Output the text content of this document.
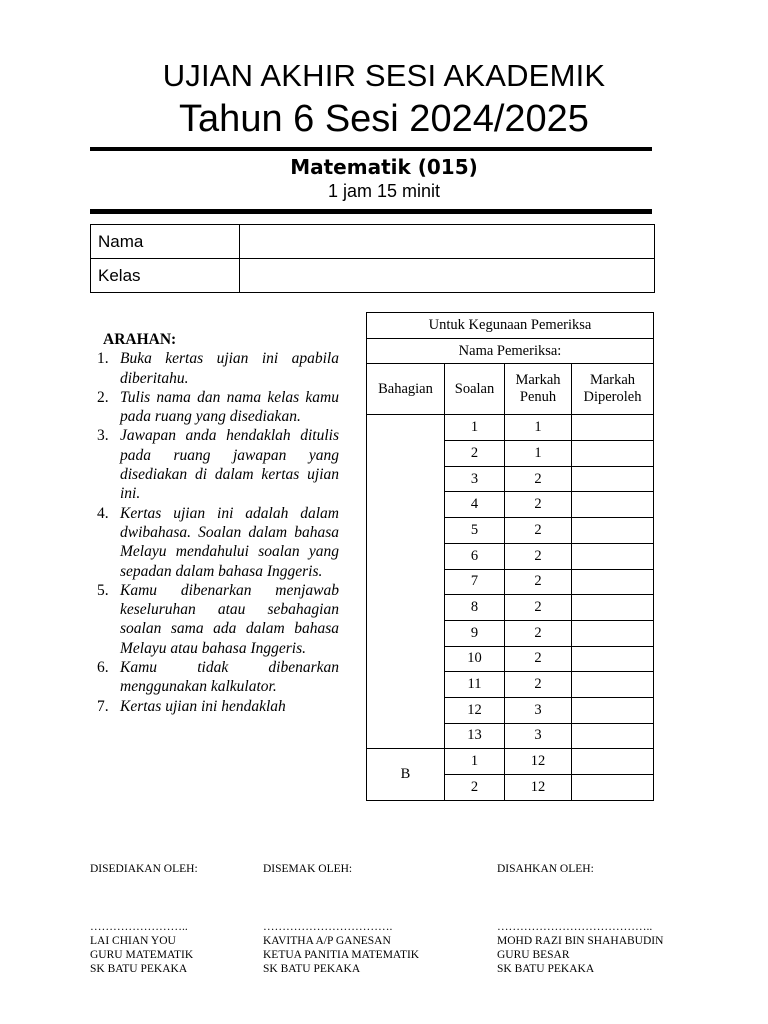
UJIAN AKHIR SESI AKADEMIK
Tahun 6 Sesi 2024/2025
Matematik (015)
1 jam 15 minit
Nama	
Kelas	
ARAHAN:
1. Buka kertas ujian ini apabila diberitahu.
2. Tulis nama dan nama kelas kamu pada ruang yang disediakan.
3. Jawapan anda hendaklah ditulis pada ruang jawapan yang disediakan di dalam kertas ujian ini.
4. Kertas ujian ini adalah dalam dwibahasa. Soalan dalam bahasa Melayu mendahului soalan yang sepadan dalam bahasa Inggeris.
5. Kamu dibenarkan menjawab keseluruhan atau sebahagian soalan sama ada dalam bahasa Melayu atau bahasa Inggeris.
6. Kamu tidak dibenarkan menggunakan kalkulator.
7. Kertas ujian ini hendaklah
Untuk Kegunaan Pemeriksa			
Nama Pemeriksa:			
Bahagian	Soalan	Markah Penuh	Markah Diperoleh
	1	1	
	2	1	
	3	2	
	4	2	
	5	2	
	6	2	
	7	2	
	8	2	
	9	2	
	10	2	
	11	2	
	12	3	
	13	3	
B	1	12	
	2	12	
DISEDIAKAN OLEH:
……………………..
LAI CHIAN YOU
GURU MATEMATIK
SK BATU PEKAKA
DISEMAK OLEH:
…………………………….
KAVITHA A/P GANESAN
KETUA PANITIA MATEMATIK
SK BATU PEKAKA
DISAHKAN OLEH:
…………………………………..
MOHD RAZI BIN SHAHABUDIN
GURU BESAR
SK BATU PEKAKA
